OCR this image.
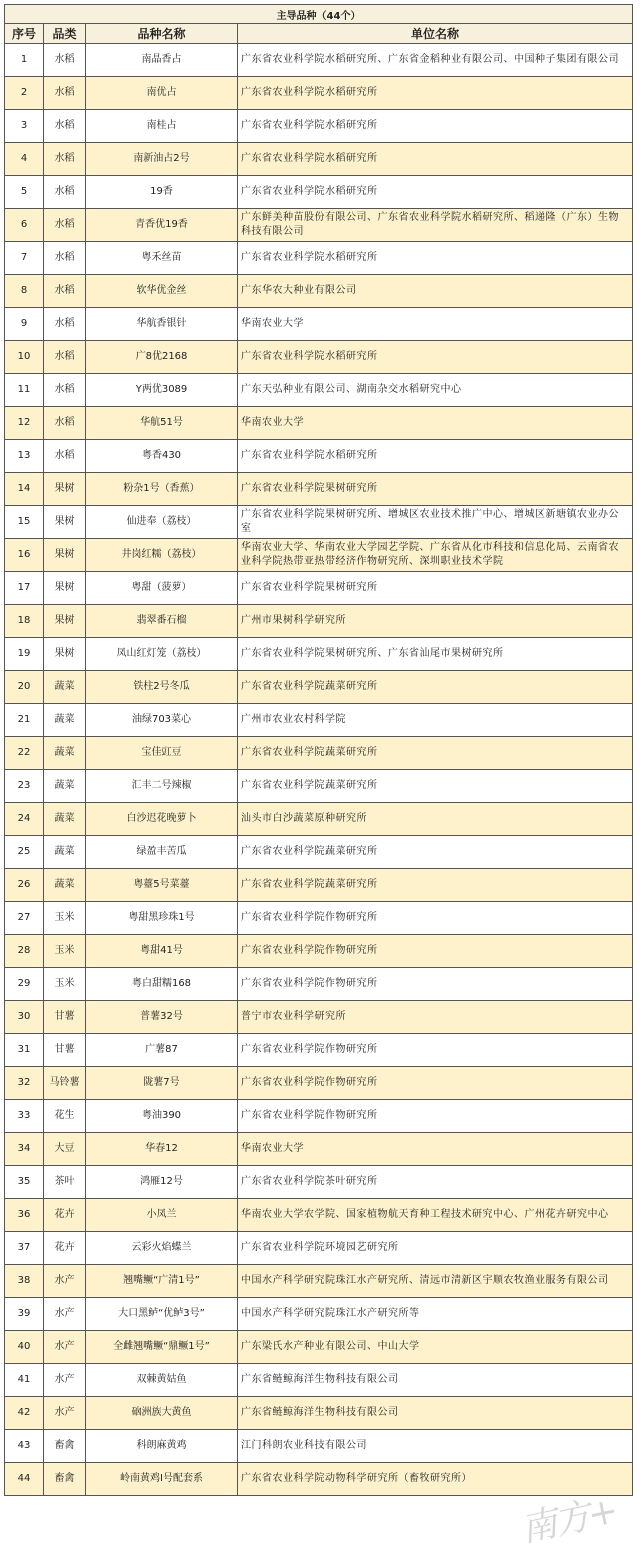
主导品种（44个）			
序号	品类	品种名称	单位名称
1	水稻	南晶香占	广东省农业科学院水稻研究所、广东省金稻种业有限公司、中国种子集团有限公司
2	水稻	南优占	广东省农业科学院水稻研究所
3	水稻	南桂占	广东省农业科学院水稻研究所
4	水稻	南新油占2号	广东省农业科学院水稻研究所
5	水稻	19香	广东省农业科学院水稻研究所
6	水稻	青香优19香	广东鲜美种苗股份有限公司、广东省农业科学院水稻研究所、稻递隆（广东）生物科技有限公司
7	水稻	粤禾丝苗	广东省农业科学院水稻研究所
8	水稻	软华优金丝	广东华农大种业有限公司
9	水稻	华航香银针	华南农业大学
10	水稻	广8优2168	广东省农业科学院水稻研究所
11	水稻	Y两优3089	广东天弘种业有限公司、湖南杂交水稻研究中心
12	水稻	华航51号	华南农业大学
13	水稻	粤香430	广东省农业科学院水稻研究所
14	果树	粉杂1号（香蕉）	广东省农业科学院果树研究所
15	果树	仙进奉（荔枝）	广东省农业科学院果树研究所、增城区农业技术推广中心、增城区新塘镇农业办公室
16	果树	井岗红糯（荔枝）	华南农业大学、华南农业大学园艺学院、广东省从化市科技和信息化局、云南省农业科学院热带亚热带经济作物研究所、深圳职业技术学院
17	果树	粤甜（菠萝）	广东省农业科学院果树研究所
18	果树	翡翠番石榴	广州市果树科学研究所
19	果树	凤山红灯笼（荔枝）	广东省农业科学院果树研究所、广东省汕尾市果树研究所
20	蔬菜	铁柱2号冬瓜	广东省农业科学院蔬菜研究所
21	蔬菜	油绿703菜心	广州市农业农村科学院
22	蔬菜	宝佳豇豆	广东省农业科学院蔬菜研究所
23	蔬菜	汇丰二号辣椒	广东省农业科学院蔬菜研究所
24	蔬菜	白沙迟花晚萝卜	汕头市白沙蔬菜原种研究所
25	蔬菜	绿盈丰苦瓜	广东省农业科学院蔬菜研究所
26	蔬菜	粤薹5号菜薹	广东省农业科学院蔬菜研究所
27	玉米	粤甜黑珍珠1号	广东省农业科学院作物研究所
28	玉米	粤甜41号	广东省农业科学院作物研究所
29	玉米	粤白甜糯168	广东省农业科学院作物研究所
30	甘薯	普薯32号	普宁市农业科学研究所
31	甘薯	广薯87	广东省农业科学院作物研究所
32	马铃薯	陇薯7号	广东省农业科学院作物研究所
33	花生	粤油390	广东省农业科学院作物研究所
34	大豆	华春12	华南农业大学
35	茶叶	鸿雁12号	广东省农业科学院茶叶研究所
36	花卉	小凤兰	华南农业大学农学院、国家植物航天育种工程技术研究中心、广州花卉研究中心
37	花卉	云彩火焰蝶兰	广东省农业科学院环境园艺研究所
38	水产	翘嘴鳜“广清1号”	中国水产科学研究院珠江水产研究所、清远市清新区宇顺农牧渔业服务有限公司
39	水产	大口黑鲈“优鲈3号”	中国水产科学研究院珠江水产研究所等
40	水产	全雌翘嘴鳜“鼎鳜1号”	广东梁氏水产种业有限公司、中山大学
41	水产	双棘黄姑鱼	广东省鲢鲸海洋生物科技有限公司
42	水产	硇洲族大黄鱼	广东省鲢鲸海洋生物科技有限公司
43	畜禽	科朗麻黄鸡	江门科朗农业科技有限公司
44	畜禽	岭南黄鸡Ⅰ号配套系	广东省农业科学院动物科学研究所（畜牧研究所）
南方+
